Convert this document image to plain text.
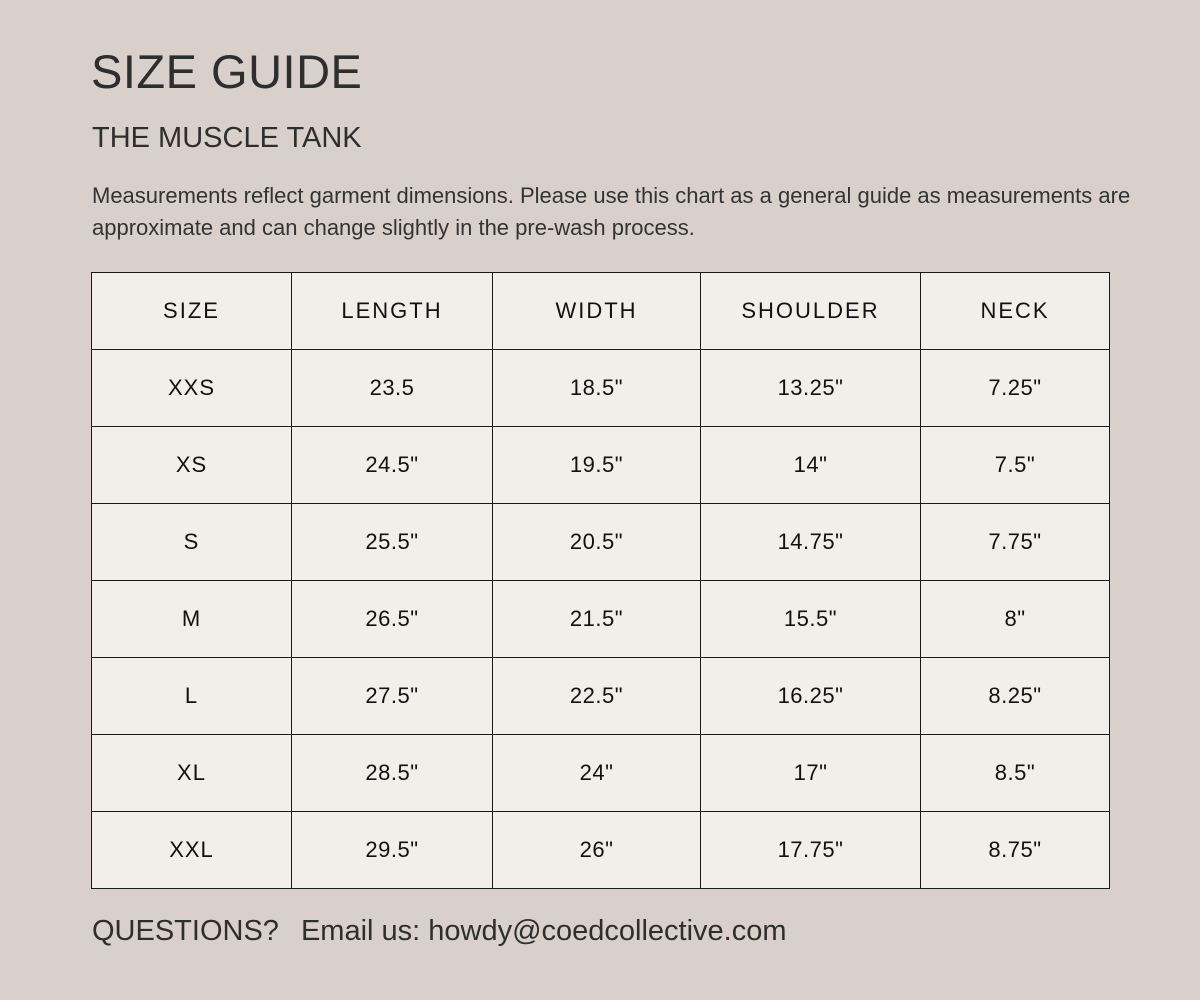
SIZE GUIDE
THE MUSCLE TANK

Measurements reflect garment dimensions. Please use this chart as a general guide as measurements are approximate and can change slightly in the pre-wash process.

SIZE	LENGTH	WIDTH	SHOULDER	NECK
XXS	23.5	18.5"	13.25"	7.25"
XS	24.5"	19.5"	14"	7.5"
S	25.5"	20.5"	14.75"	7.75"
M	26.5"	21.5"	15.5"	8"
L	27.5"	22.5"	16.25"	8.25"
XL	28.5"	24"	17"	8.5"
XXL	29.5"	26"	17.75"	8.75"

QUESTIONS? Email us: howdy@coedcollective.com
